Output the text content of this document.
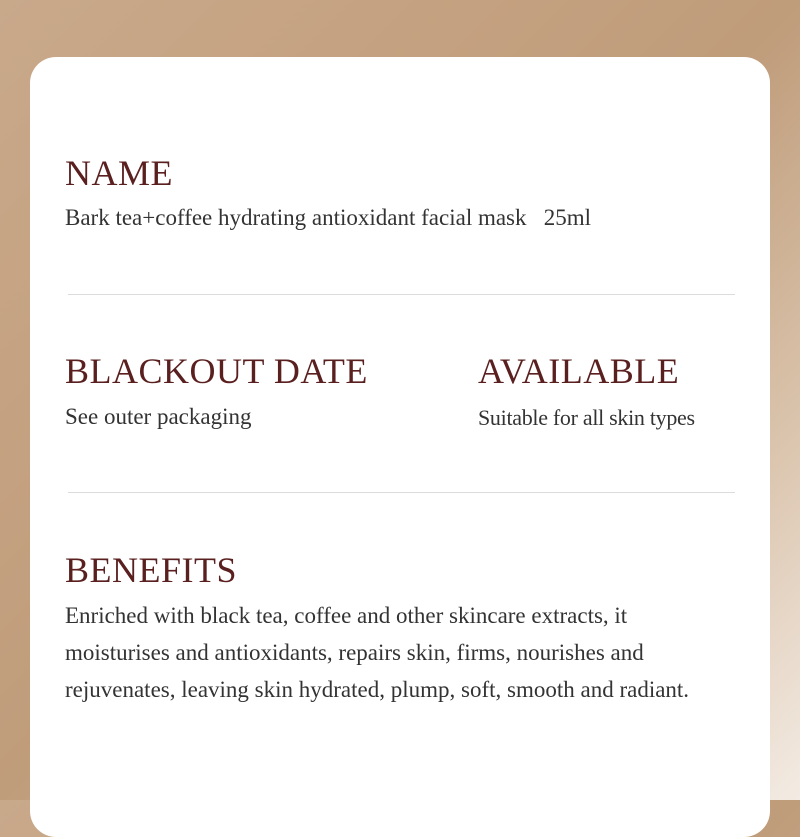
NAME

Bark tea+coffee hydrating antioxidant facial mask   25ml

BLACKOUT DATE

See outer packaging

AVAILABLE

Suitable for all skin types

BENEFITS
Enriched with black tea, coffee and other skincare extracts, it
moisturises and antioxidants, repairs skin, firms, nourishes and
rejuvenates, leaving skin hydrated, plump, soft, smooth and radiant.
